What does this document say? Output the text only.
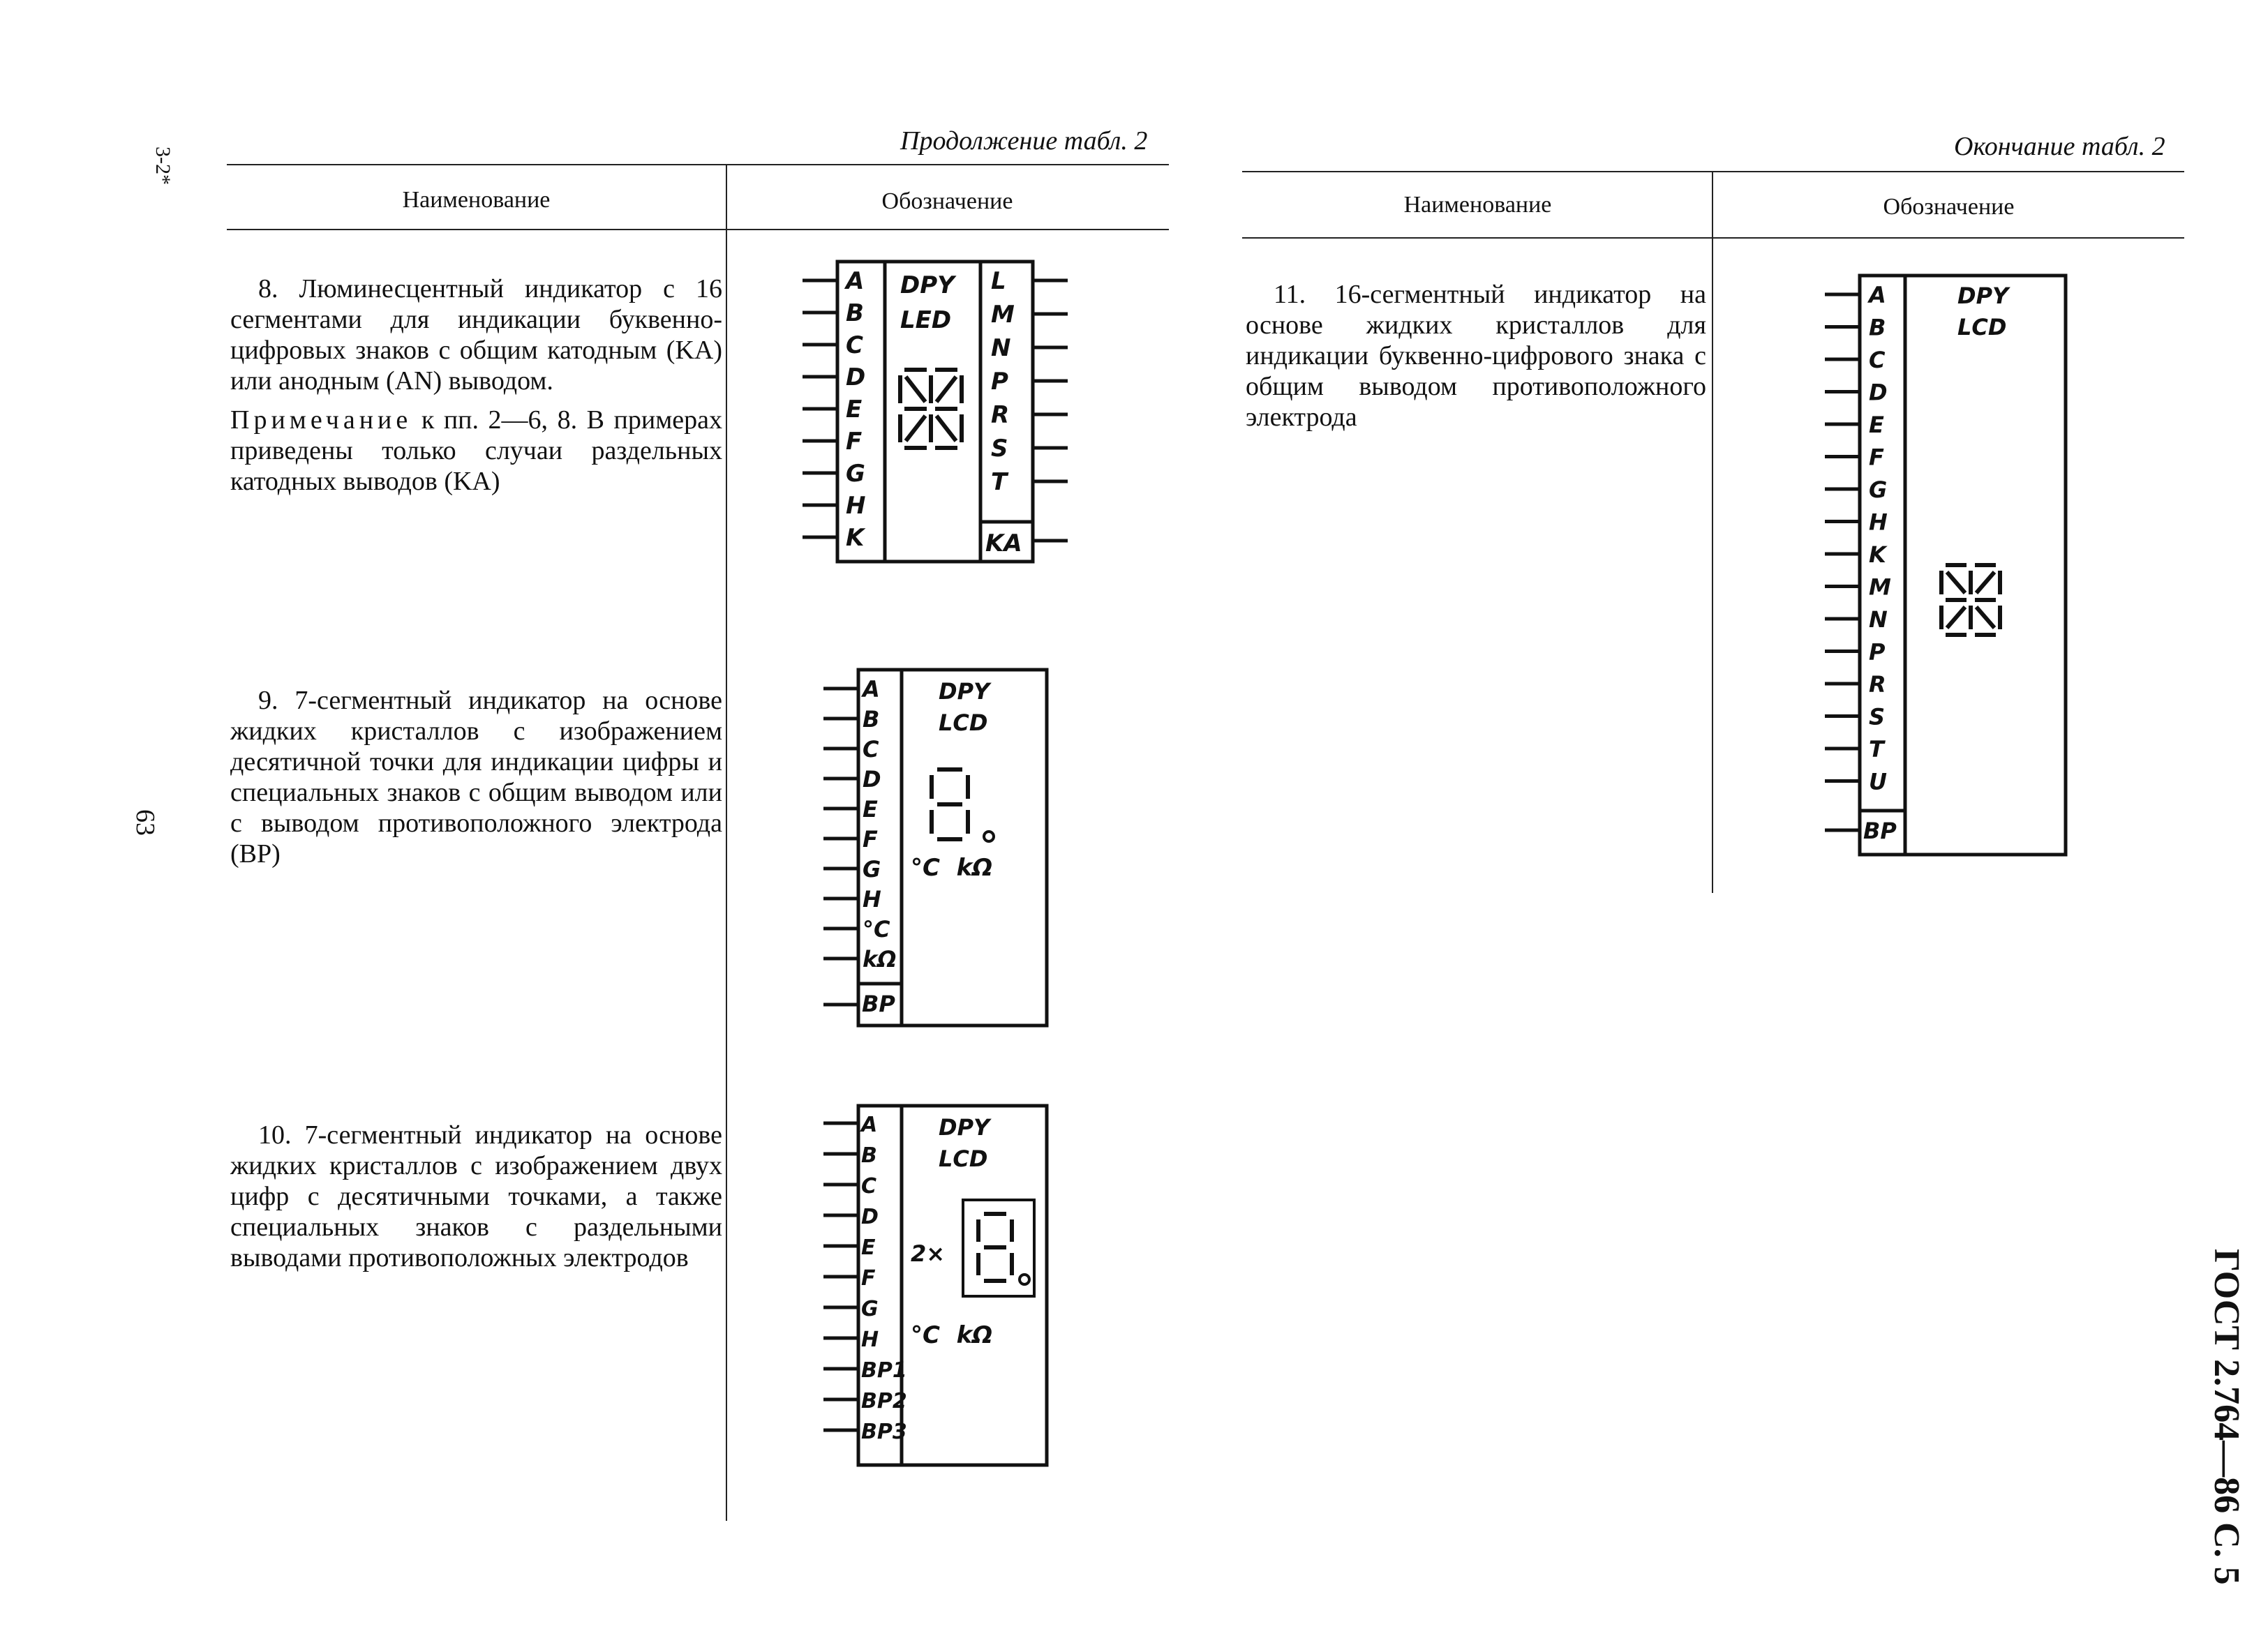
3-2*
63
ГОСТ 2.764—86 С. 5
Продолжение табл. 2
Наименование	Обозначение
8. Люминесцентный индикатор с 16 сегментами для индикации буквенно-цифровых знаков с общим катодным (KA) или анодным (AN) выводом.
Примечание к пп. 2—6, 8. В примерах приведены только случаи раздельных катодных выводов (KA)
9. 7-сегментный индикатор на основе жидких кристаллов с изображением десятичной точки для индикации цифры и специальных знаков с общим выводом или с выводом противоположного электрода (BP)
10. 7-сегментный индикатор на основе жидких кристаллов с изображением двух цифр с десятичными точками, а также специальных знаков с раздельными выводами противоположных электродов
Окончание табл. 2
Наименование	Обозначение
11. 16-сегментный индикатор на основе жидких кристаллов для индикации буквенно-цифрового знака с общим выводом противоположного электрода
A
B
C
D
E
F
G
H
K
L
M
N
P
R
S
T
KA
DPY
LED
A
B
C
D
E
F
G
H
°C
kΩ
BP
DPY
LCD
°C  kΩ
A
B
C
D
E
F
G
H
BP1
BP2
BP3
DPY
LCD
2×
°C  kΩ
A
B
C
D
E
F
G
H
K
M
N
P
R
S
T
U
BP
DPY
LCD
